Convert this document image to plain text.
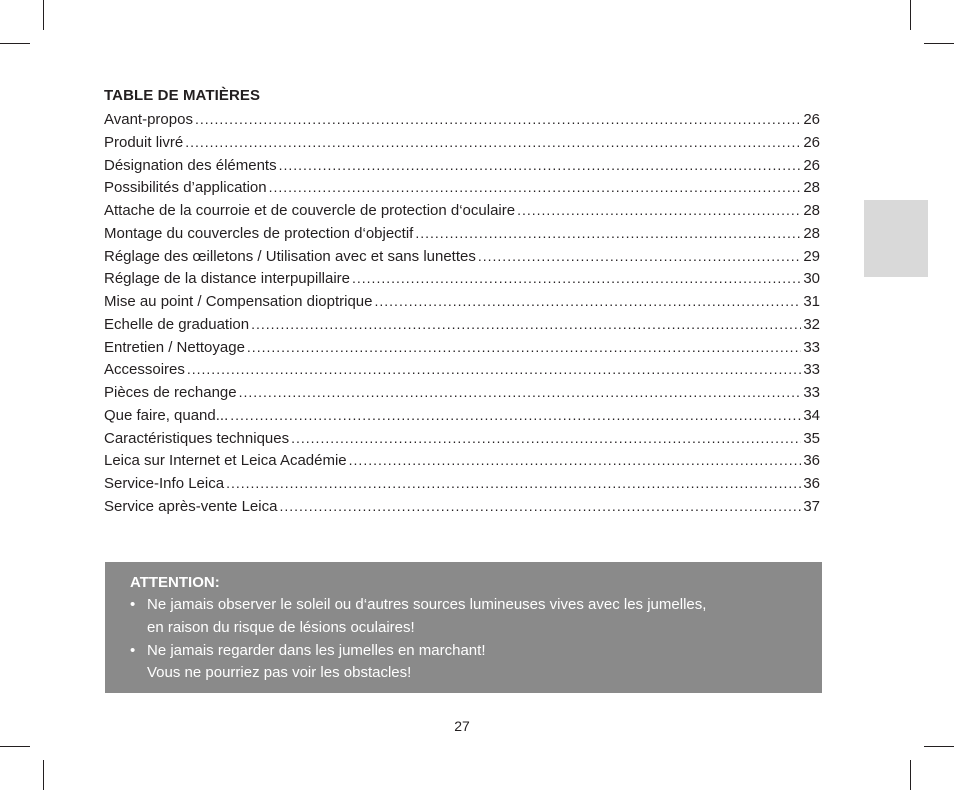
TABLE DE MATIÈRES
Avant-propos .....	26
Produit livré .....	26
Désignation des éléments .....	26
Possibilités d’application .....	28
Attache de la courroie et de couvercle de protection d‘oculaire .....	28
Montage du couvercles de protection d‘objectif .....	28
Réglage des œilletons / Utilisation avec et sans lunettes .....	29
Réglage de la distance interpupillaire .....	30
Mise au point / Compensation dioptrique .....	31
Echelle de graduation .....	32
Entretien / Nettoyage .....	33
Accessoires .....	33
Pièces de rechange .....	33
Que faire, quand... .....	34
Caractéristiques techniques .....	35
Leica sur Internet et Leica Académie .....	36
Service-Info Leica .....	36
Service après-vente Leica .....	37
ATTENTION:
• Ne jamais observer le soleil ou d‘autres sources lumineuses vives avec les jumelles,
en raison du risque de lésions oculaires!
• Ne jamais regarder dans les jumelles en marchant!
Vous ne pourriez pas voir les obstacles!
27
